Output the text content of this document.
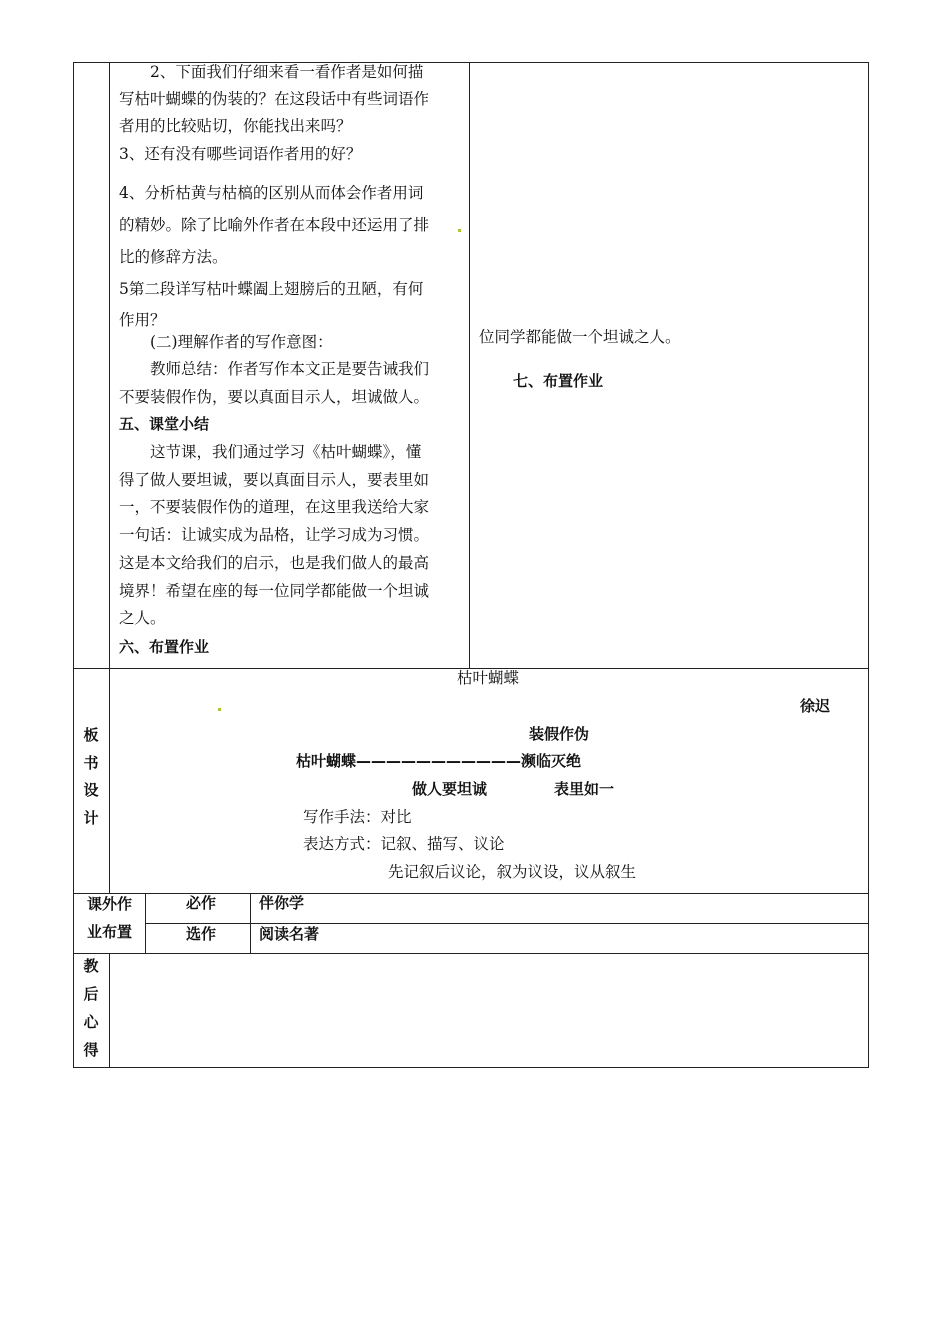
　　2、下面我们仔细来看一看作者是如何描
写枯叶蝴蝶的伪装的？在这段话中有些词语作
者用的比较贴切，你能找出来吗？
3、还有没有哪些词语作者用的好？
4、分析枯黄与枯槁的区别从而体会作者用词
的精妙。除了比喻外作者在本段中还运用了排
比的修辞方法。
5第二段详写枯叶蝶阖上翅膀后的丑陋，有何
作用？
　　(二)理解作者的写作意图：
　　教师总结：作者写作本文正是要告诫我们
不要装假作伪，要以真面目示人，坦诚做人。
五、课堂小结
　　这节课，我们通过学习《枯叶蝴蝶》，懂
得了做人要坦诚，要以真面目示人，要表里如
一，不要装假作伪的道理，在这里我送给大家
一句话：让诚实成为品格，让学习成为习惯。
这是本文给我们的启示，也是我们做人的最高
境界！希望在座的每一位同学都能做一个坦诚
之人。
六、布置作业
位同学都能做一个坦诚之人。
七、布置作业
板
书
设
计
枯叶蝴蝶
徐迟
装假作伪
枯叶蝴蝶———————————濒临灭绝
做人要坦诚	表里如一
写作手法：对比
表达方式：记叙、描写、议论
先记叙后议论，叙为议设，议从叙生
课外作
业布置
必作	伴你学
选作	阅读名著
教
后
心
得
